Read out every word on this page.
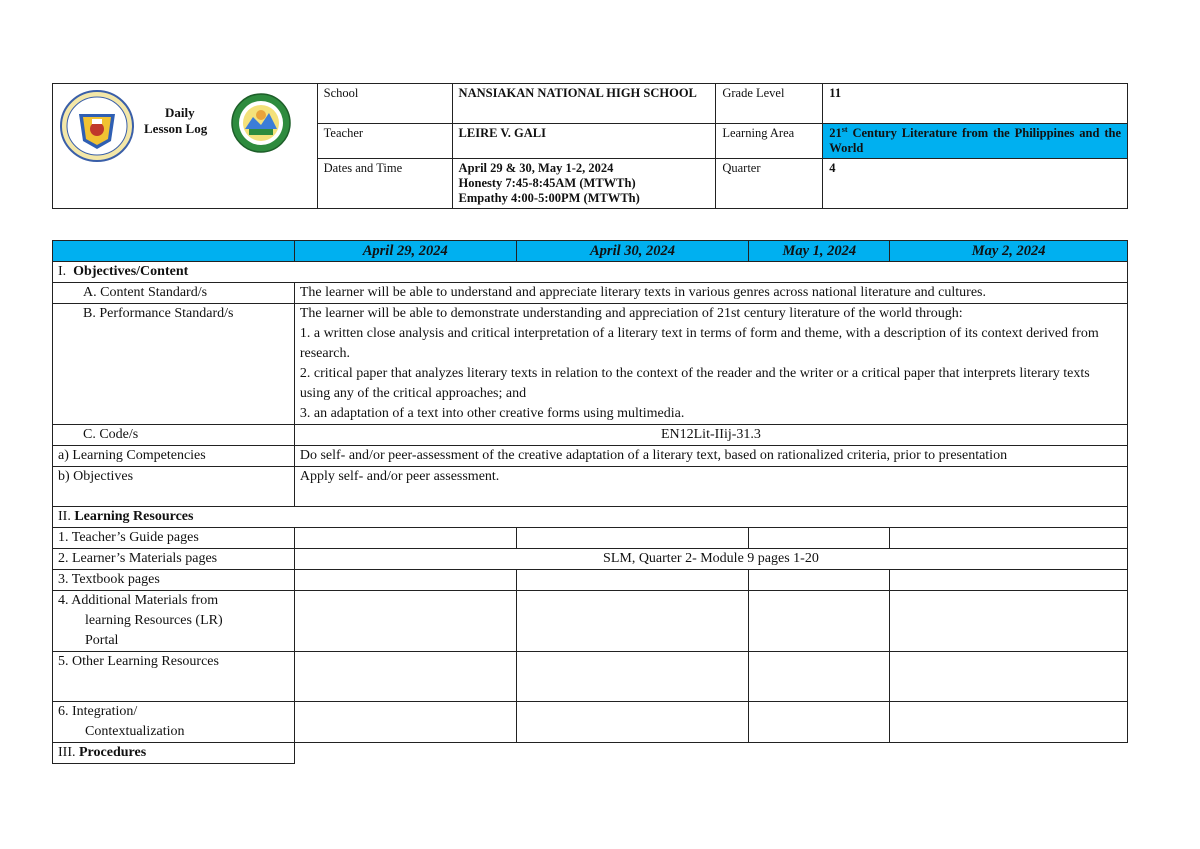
Daily
Lesson Log	School	NANSIAKAN NATIONAL HIGH SCHOOL	Grade Level	11
	Teacher	LEIRE V. GALI	Learning Area	21st Century Literature from the Philippines and the World
	Dates and Time	April 29 & 30, May 1-2, 2024
Honesty 7:45-8:45AM (MTWTh)
Empathy 4:00-5:00PM (MTWTh)	Quarter	4
	April 29, 2024	April 30, 2024	May 1, 2024	May 2, 2024
I. Objectives/Content				
A. Content Standard/s	The learner will be able to understand and appreciate literary texts in various genres across national literature and cultures.			
B. Performance Standard/s	The learner will be able to demonstrate understanding and appreciation of 21st century literature of the world through:
1. a written close analysis and critical interpretation of a literary text in terms of form and theme, with a description of its context derived from research.
2. critical paper that analyzes literary texts in relation to the context of the reader and the writer or a critical paper that interprets literary texts using any of the critical approaches; and
3. an adaptation of a text into other creative forms using multimedia.			

C. Code/s	EN12Lit-IIij-31.3			
a) Learning Competencies	Do self- and/or peer-assessment of the creative adaptation of a literary text, based on rationalized criteria, prior to presentation			
b) Objectives	Apply self- and/or peer assessment.			
II. Learning Resources				
1. Teacher’s Guide pages				
2. Learner’s Materials pages	SLM, Quarter 2- Module 9 pages 1-20			
3. Textbook pages				

4. Additional Materials from
learning Resources (LR)
Portal				

5. Other Learning Resources				

6. Integration/
Contextualization				

III. Procedures				
